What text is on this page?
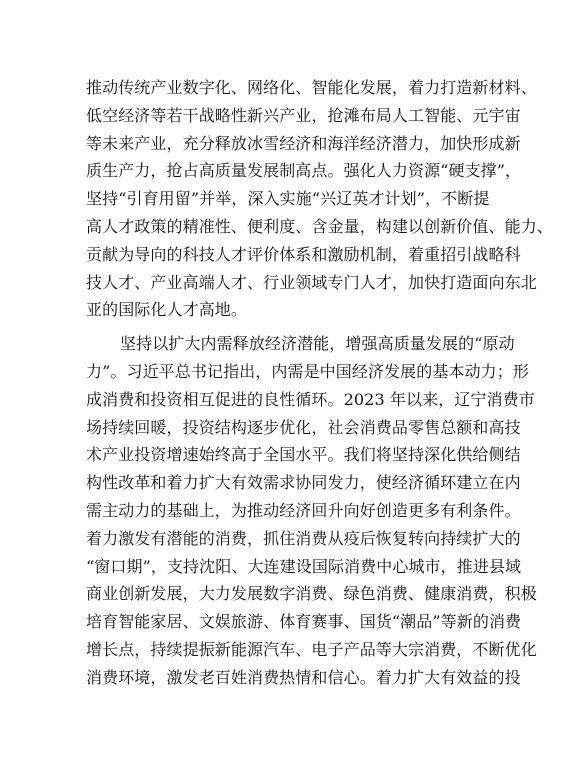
推动传统产业数字化、网络化、智能化发展，着力打造新材料、
低空经济等若干战略性新兴产业，抢滩布局人工智能、元宇宙
等未来产业，充分释放冰雪经济和海洋经济潜力，加快形成新
质生产力，抢占高质量发展制高点。强化人力资源“硬支撑”，
坚持“引育用留”并举，深入实施“兴辽英才计划”，不断提
高人才政策的精准性、便利度、含金量，构建以创新价值、能力、
贡献为导向的科技人才评价体系和激励机制，着重招引战略科
技人才、产业高端人才、行业领域专门人才，加快打造面向东北
亚的国际化人才高地。
坚持以扩大内需释放经济潜能，增强高质量发展的“原动
力”。习近平总书记指出，内需是中国经济发展的基本动力；形
成消费和投资相互促进的良性循环。2023 年以来，辽宁消费市
场持续回暖，投资结构逐步优化，社会消费品零售总额和高技
术产业投资增速始终高于全国水平。我们将坚持深化供给侧结
构性改革和着力扩大有效需求协同发力，使经济循环建立在内
需主动力的基础上，为推动经济回升向好创造更多有利条件。
着力激发有潜能的消费，抓住消费从疫后恢复转向持续扩大的
“窗口期”，支持沈阳、大连建设国际消费中心城市，推进县域
商业创新发展，大力发展数字消费、绿色消费、健康消费，积极
培育智能家居、文娱旅游、体育赛事、国货“潮品”等新的消费
增长点，持续提振新能源汽车、电子产品等大宗消费，不断优化
消费环境，激发老百姓消费热情和信心。着力扩大有效益的投
